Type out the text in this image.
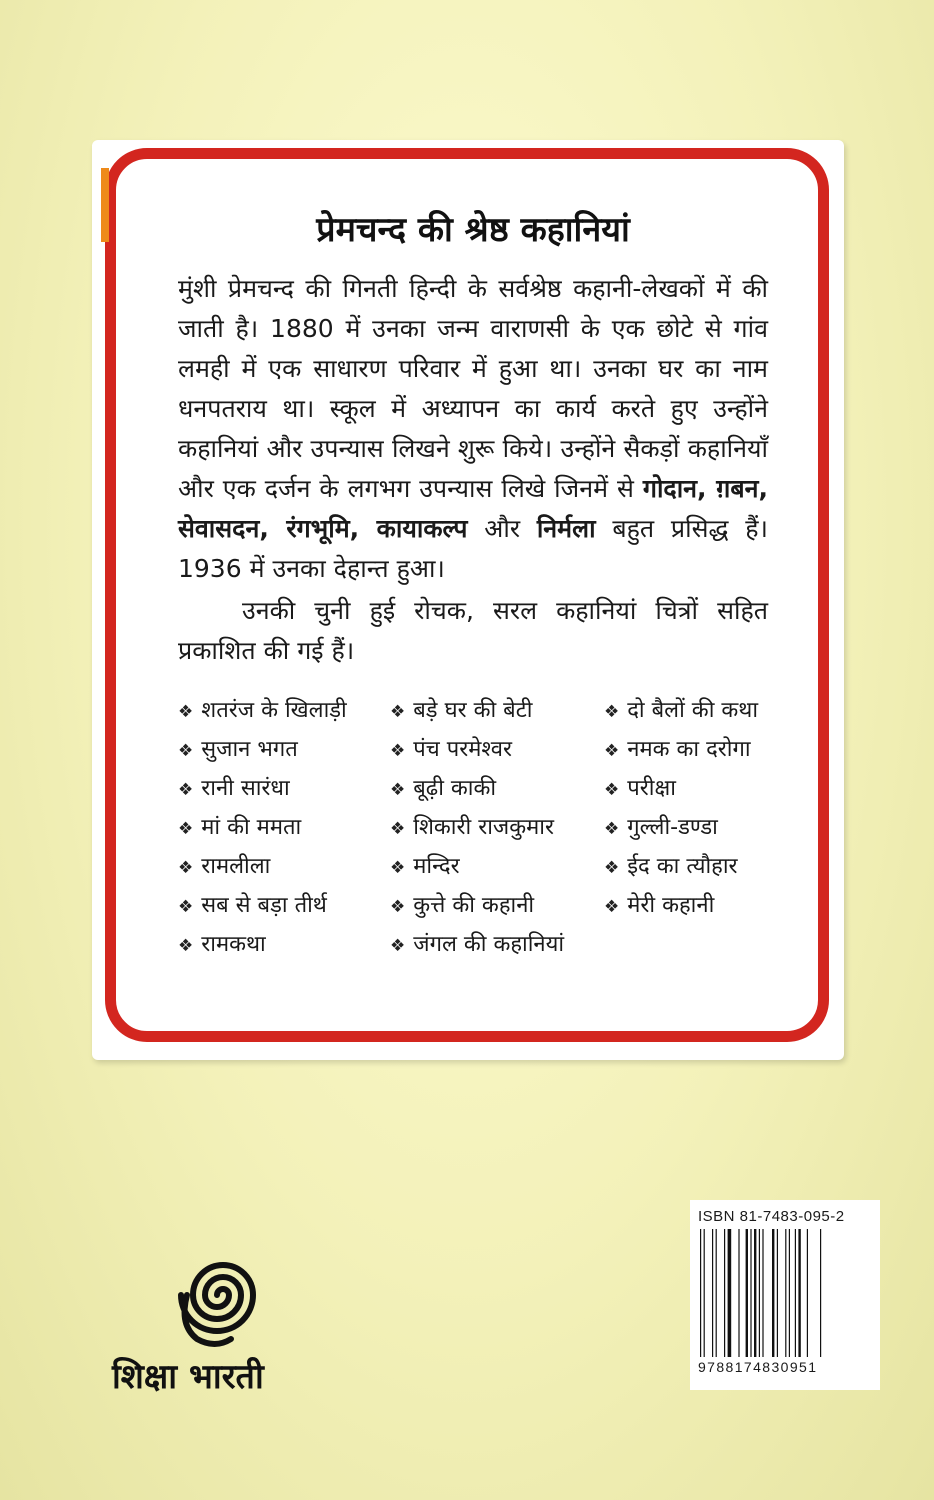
प्रेमचन्द की श्रेष्ठ कहानियां

मुंशी प्रेमचन्द की गिनती हिन्दी के सर्वश्रेष्ठ कहानी-लेखकों में की जाती है। 1880 में उनका जन्म वाराणसी के एक छोटे से गांव लमही में एक साधारण परिवार में हुआ था। उनका घर का नाम धनपतराय था। स्कूल में अध्यापन का कार्य करते हुए उन्होंने कहानियां और उपन्यास लिखने शुरू किये। उन्होंने सैकड़ों कहानियाँ और एक दर्जन के लगभग उपन्यास लिखे जिनमें से गोदान, ग़बन, सेवासदन, रंगभूमि, कायाकल्प और निर्मला बहुत प्रसिद्ध हैं। 1936 में उनका देहान्त हुआ।

उनकी चुनी हुई रोचक, सरल कहानियां चित्रों सहित प्रकाशित की गई हैं।

❖ शतरंज के खिलाड़ी	❖ बड़े घर की बेटी	❖ दो बैलों की कथा
❖ सुजान भगत	❖ पंच परमेश्वर	❖ नमक का दरोगा
❖ रानी सारंधा	❖ बूढ़ी काकी	❖ परीक्षा
❖ मां की ममता	❖ शिकारी राजकुमार	❖ गुल्ली-डण्डा
❖ रामलीला	❖ मन्दिर	❖ ईद का त्यौहार
❖ सब से बड़ा तीर्थ	❖ कुत्ते की कहानी	❖ मेरी कहानी
❖ रामकथा	❖ जंगल की कहानियां
ISBN 81-7483-095-2
9788174830951
शिक्षा भारती
